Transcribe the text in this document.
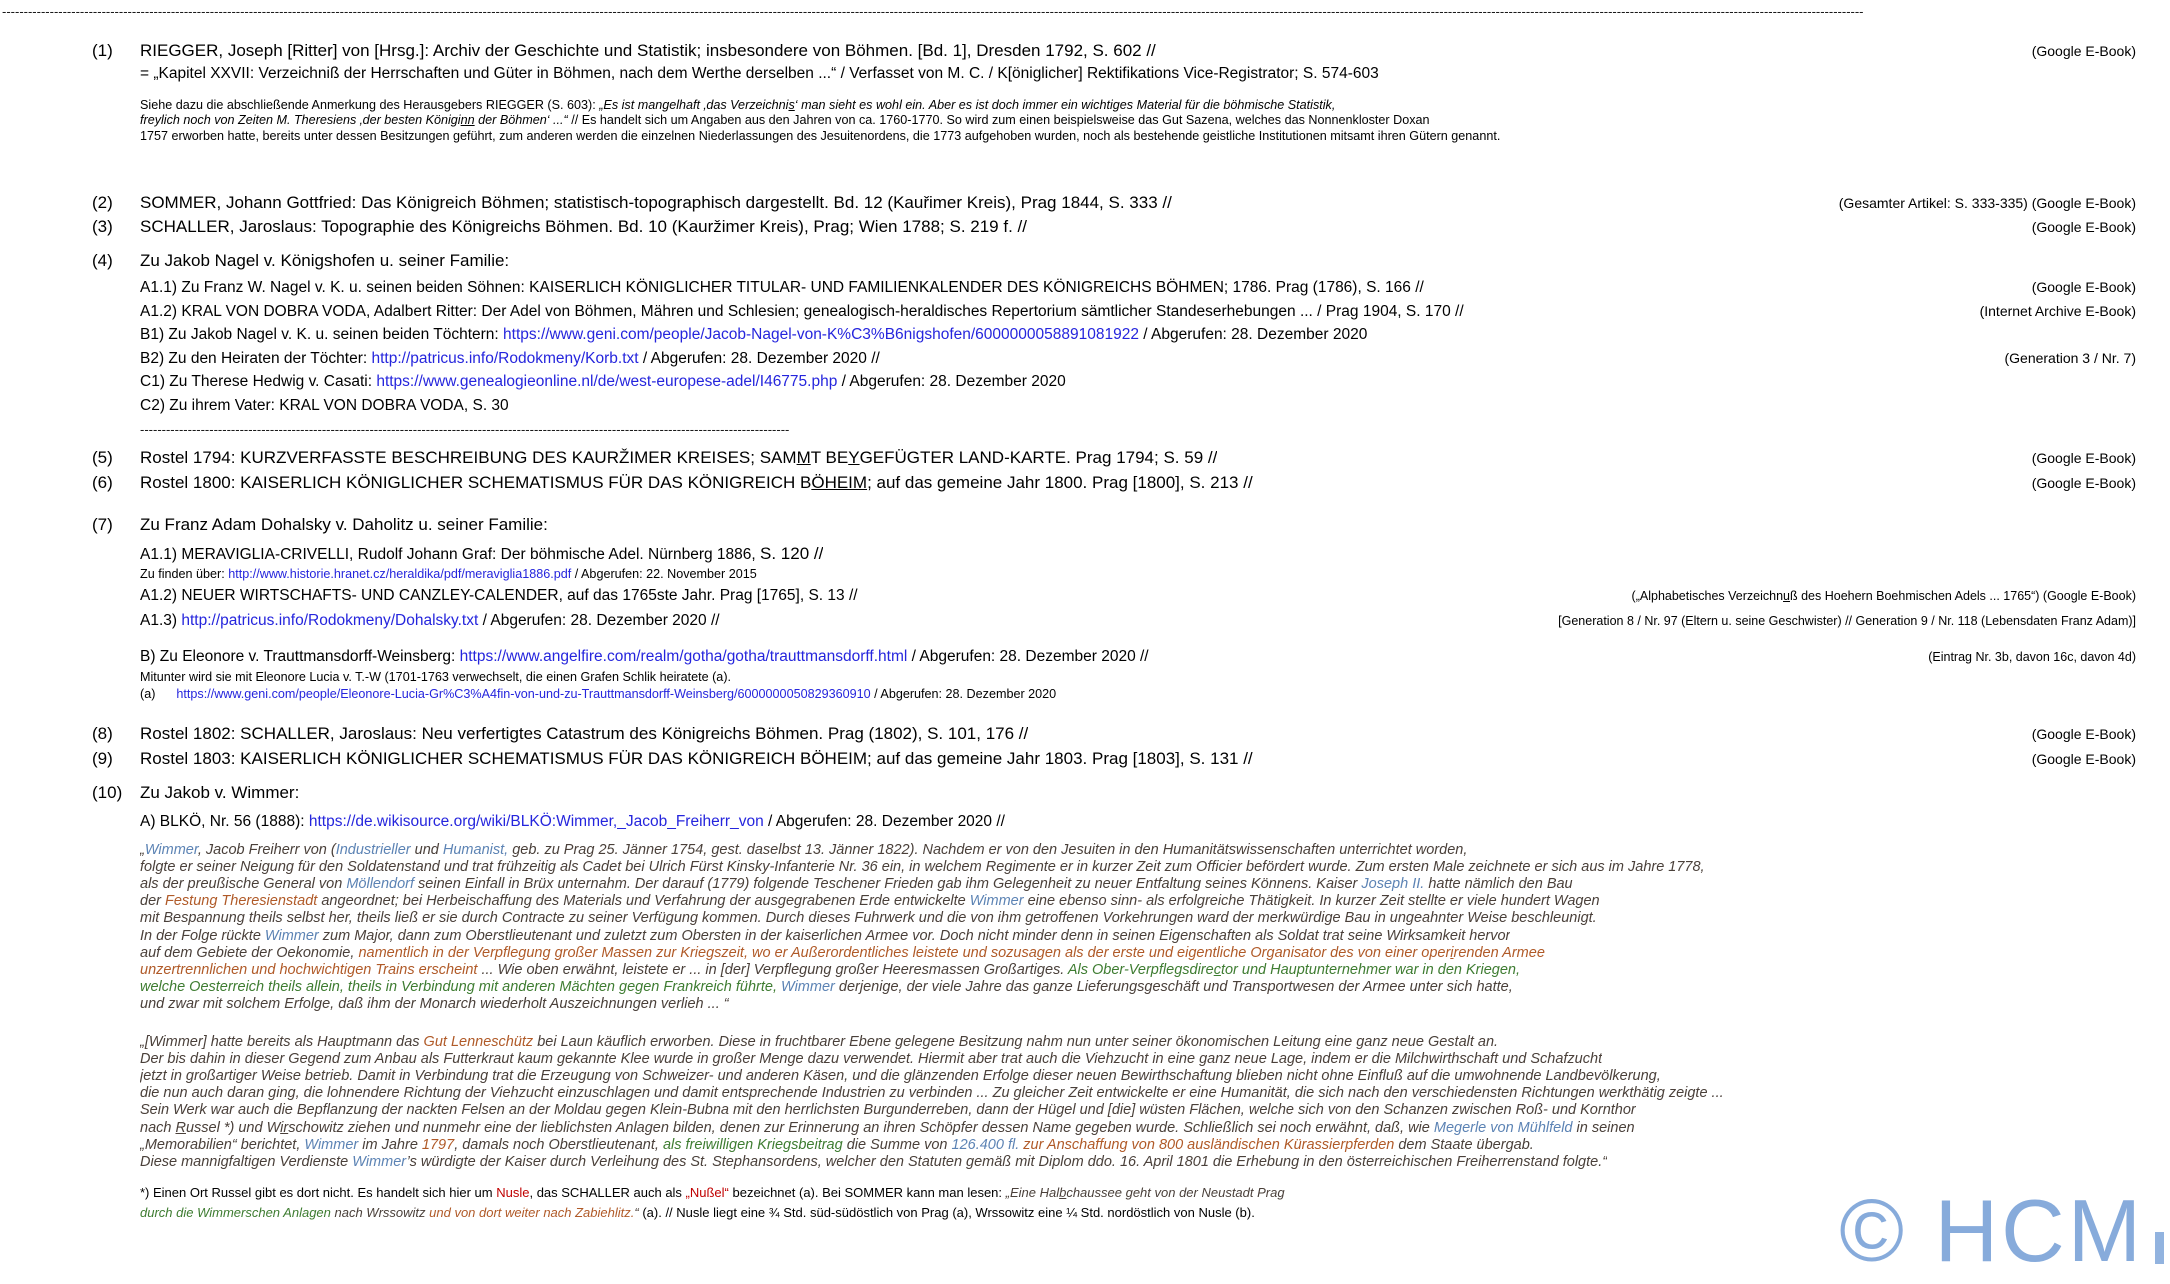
----------------------------------------------------------------------------------------------------------------------------------------------------------------------------------------------------------------------------------------------------------------------------------------------------------------------------------------------------------------------------------------------------------------------------------------------
(1)	RIEGGER, Joseph [Ritter] von [Hrsg.]: Archiv der Geschichte und Statistik; insbesondere von Böhmen. [Bd. 1], Dresden 1792, S. 602 //	(Google E-Book)
= „Kapitel XXVII: Verzeichniß der Herrschaften und Güter in Böhmen, nach dem Werthe derselben ...“ / Verfasset von M. C. / K[öniglicher] Rektifikations Vice-Registrator; S. 574-603
Siehe dazu die abschließende Anmerkung des Herausgebers RIEGGER (S. 603): „Es ist mangelhaft ‚das Verzeichnis‘ man sieht es wohl ein. Aber es ist doch immer ein wichtiges Material für die böhmische Statistik,
freylich noch von Zeiten M. Theresiens ‚der besten Königinn der Böhmen‘ ...“ // Es handelt sich um Angaben aus den Jahren von ca. 1760-1770. So wird zum einen beispielsweise das Gut Sazena, welches das Nonnenkloster Doxan
1757 erworben hatte, bereits unter dessen Besitzungen geführt, zum anderen werden die einzelnen Niederlassungen des Jesuitenordens, die 1773 aufgehoben wurden, noch als bestehende geistliche Institutionen mitsamt ihren Gütern genannt.
(2)	SOMMER, Johann Gottfried: Das Königreich Böhmen; statistisch-topographisch dargestellt. Bd. 12 (Kauřimer Kreis), Prag 1844, S. 333 //	(Gesamter Artikel: S. 333-335) (Google E-Book)
(3)	SCHALLER, Jaroslaus: Topographie des Königreichs Böhmen. Bd. 10 (Kauržimer Kreis), Prag; Wien 1788; S. 219 f. //	(Google E-Book)
(4)	Zu Jakob Nagel v. Königshofen u. seiner Familie:
A1.1) Zu Franz W. Nagel v. K. u. seinen beiden Söhnen: KAISERLICH KÖNIGLICHER TITULAR- UND FAMILIENKALENDER DES KÖNIGREICHS BÖHMEN; 1786. Prag (1786), S. 166 //	(Google E-Book)
A1.2) KRAL VON DOBRA VODA, Adalbert Ritter: Der Adel von Böhmen, Mähren und Schlesien; genealogisch-heraldisches Repertorium sämtlicher Standeserhebungen ... / Prag 1904, S. 170 //	(Internet Archive E-Book)
B1) Zu Jakob Nagel v. K. u. seinen beiden Töchtern: https://www.geni.com/people/Jacob-Nagel-von-K%C3%B6nigshofen/6000000058891081922 / Abgerufen: 28. Dezember 2020
B2) Zu den Heiraten der Töchter: http://patricus.info/Rodokmeny/Korb.txt / Abgerufen: 28. Dezember 2020 //	(Generation 3 / Nr. 7)
C1) Zu Therese Hedwig v. Casati: https://www.genealogieonline.nl/de/west-europese-adel/I46775.php / Abgerufen: 28. Dezember 2020
C2) Zu ihrem Vater: KRAL VON DOBRA VODA, S. 30
------------------------------------------------------------------------------------------------------------------------------------------------------
(5)	Rostel 1794: KURZVERFASSTE BESCHREIBUNG DES KAURŽIMER KREISES; SAMMT BEYGEFÜGTER LAND-KARTE. Prag 1794; S. 59 //	(Google E-Book)
(6)	Rostel 1800: KAISERLICH KÖNIGLICHER SCHEMATISMUS FÜR DAS KÖNIGREICH BÖHEIM; auf das gemeine Jahr 1800. Prag [1800], S. 213 //	(Google E-Book)
(7)	Zu Franz Adam Dohalsky v. Daholitz u. seiner Familie:
A1.1) MERAVIGLIA-CRIVELLI, Rudolf Johann Graf: Der böhmische Adel. Nürnberg 1886, S. 120 //
Zu finden über: http://www.historie.hranet.cz/heraldika/pdf/meraviglia1886.pdf / Abgerufen: 22. November 2015
A1.2) NEUER WIRTSCHAFTS- UND CANZLEY-CALENDER, auf das 1765ste Jahr. Prag [1765], S. 13 //	(„Alphabetisches Verzeichnuß des Hoehern Boehmischen Adels ... 1765“) (Google E-Book)
A1.3) http://patricus.info/Rodokmeny/Dohalsky.txt / Abgerufen: 28. Dezember 2020 //	[Generation 8 / Nr. 97 (Eltern u. seine Geschwister) // Generation 9 / Nr. 118 (Lebensdaten Franz Adam)]
B) Zu Eleonore v. Trauttmansdorff-Weinsberg: https://www.angelfire.com/realm/gotha/gotha/trauttmansdorff.html / Abgerufen: 28. Dezember 2020 //	(Eintrag Nr. 3b, davon 16c, davon 4d)
Mitunter wird sie mit Eleonore Lucia v. T.-W (1701-1763 verwechselt, die einen Grafen Schlik heiratete (a).
(a)      https://www.geni.com/people/Eleonore-Lucia-Gr%C3%A4fin-von-und-zu-Trauttmansdorff-Weinsberg/6000000050829360910 / Abgerufen: 28. Dezember 2020
(8)	Rostel 1802: SCHALLER, Jaroslaus: Neu verfertigtes Catastrum des Königreichs Böhmen. Prag (1802), S. 101, 176 //	(Google E-Book)
(9)	Rostel 1803: KAISERLICH KÖNIGLICHER SCHEMATISMUS FÜR DAS KÖNIGREICH BÖHEIM; auf das gemeine Jahr 1803. Prag [1803], S. 131 //	(Google E-Book)
(10)	Zu Jakob v. Wimmer:
A) BLKÖ, Nr. 56 (1888): https://de.wikisource.org/wiki/BLKÖ:Wimmer,_Jacob_Freiherr_von / Abgerufen: 28. Dezember 2020 //
„Wimmer, Jacob Freiherr von (Industrieller und Humanist, geb. zu Prag 25. Jänner 1754, gest. daselbst 13. Jänner 1822). Nachdem er von den Jesuiten in den Humanitätswissenschaften unterrichtet worden,
folgte er seiner Neigung für den Soldatenstand und trat frühzeitig als Cadet bei Ulrich Fürst Kinsky-Infanterie Nr. 36 ein, in welchem Regimente er in kurzer Zeit zum Officier befördert wurde. Zum ersten Male zeichnete er sich aus im Jahre 1778,
als der preußische General von Möllendorf seinen Einfall in Brüx unternahm. Der darauf (1779) folgende Teschener Frieden gab ihm Gelegenheit zu neuer Entfaltung seines Könnens. Kaiser Joseph II. hatte nämlich den Bau
der Festung Theresienstadt angeordnet; bei Herbeischaffung des Materials und Verfahrung der ausgegrabenen Erde entwickelte Wimmer eine ebenso sinn- als erfolgreiche Thätigkeit. In kurzer Zeit stellte er viele hundert Wagen
mit Bespannung theils selbst her, theils ließ er sie durch Contracte zu seiner Verfügung kommen. Durch dieses Fuhrwerk und die von ihm getroffenen Vorkehrungen ward der merkwürdige Bau in ungeahnter Weise beschleunigt.
In der Folge rückte Wimmer zum Major, dann zum Oberstlieutenant und zuletzt zum Obersten in der kaiserlichen Armee vor. Doch nicht minder denn in seinen Eigenschaften als Soldat trat seine Wirksamkeit hervor
auf dem Gebiete der Oekonomie, namentlich in der Verpflegung großer Massen zur Kriegszeit, wo er Außerordentliches leistete und sozusagen als der erste und eigentliche Organisator des von einer operirenden Armee
unzertrennlichen und hochwichtigen Trains erscheint ... Wie oben erwähnt, leistete er ... in [der] Verpflegung großer Heeresmassen Großartiges. Als Ober-Verpflegsdirector und Hauptunternehmer war in den Kriegen,
welche Oesterreich theils allein, theils in Verbindung mit anderen Mächten gegen Frankreich führte, Wimmer derjenige, der viele Jahre das ganze Lieferungsgeschäft und Transportwesen der Armee unter sich hatte,
und zwar mit solchem Erfolge, daß ihm der Monarch wiederholt Auszeichnungen verlieh ... “
„[Wimmer] hatte bereits als Hauptmann das Gut Lenneschütz bei Laun käuflich erworben. Diese in fruchtbarer Ebene gelegene Besitzung nahm nun unter seiner ökonomischen Leitung eine ganz neue Gestalt an.
Der bis dahin in dieser Gegend zum Anbau als Futterkraut kaum gekannte Klee wurde in großer Menge dazu verwendet. Hiermit aber trat auch die Viehzucht in eine ganz neue Lage, indem er die Milchwirthschaft und Schafzucht
jetzt in großartiger Weise betrieb. Damit in Verbindung trat die Erzeugung von Schweizer- und anderen Käsen, und die glänzenden Erfolge dieser neuen Bewirthschaftung blieben nicht ohne Einfluß auf die umwohnende Landbevölkerung,
die nun auch daran ging, die lohnendere Richtung der Viehzucht einzuschlagen und damit entsprechende Industrien zu verbinden ... Zu gleicher Zeit entwickelte er eine Humanität, die sich nach den verschiedensten Richtungen werkthätig zeigte ...
Sein Werk war auch die Bepflanzung der nackten Felsen an der Moldau gegen Klein-Bubna mit den herrlichsten Burgunderreben, dann der Hügel und [die] wüsten Flächen, welche sich von den Schanzen zwischen Roß- und Kornthor
nach Russel *) und Wirschowitz ziehen und nunmehr eine der lieblichsten Anlagen bilden, denen zur Erinnerung an ihren Schöpfer dessen Name gegeben wurde. Schließlich sei noch erwähnt, daß, wie Megerle von Mühlfeld in seinen
„Memorabilien“ berichtet, Wimmer im Jahre 1797, damals noch Oberstlieutenant, als freiwilligen Kriegsbeitrag die Summe von 126.400 fl. zur Anschaffung von 800 ausländischen Kürassierpferden dem Staate übergab.
Diese mannigfaltigen Verdienste Wimmer’s würdigte der Kaiser durch Verleihung des St. Stephansordens, welcher den Statuten gemäß mit Diplom ddo. 16. April 1801 die Erhebung in den österreichischen Freiherrenstand folgte.“
*) Einen Ort Russel gibt es dort nicht. Es handelt sich hier um Nusle, das SCHALLER auch als „Nußel“ bezeichnet (a). Bei SOMMER kann man lesen: „Eine Halbchaussee geht von der Neustadt Prag
durch die Wimmerschen Anlagen nach Wrssowitz und von dort weiter nach Zabiehlitz.“ (a). // Nusle liegt eine ¾ Std. süd-südöstlich von Prag (a), Wrssowitz eine ¼ Std. nordöstlich von Nusle (b).	© HCM
